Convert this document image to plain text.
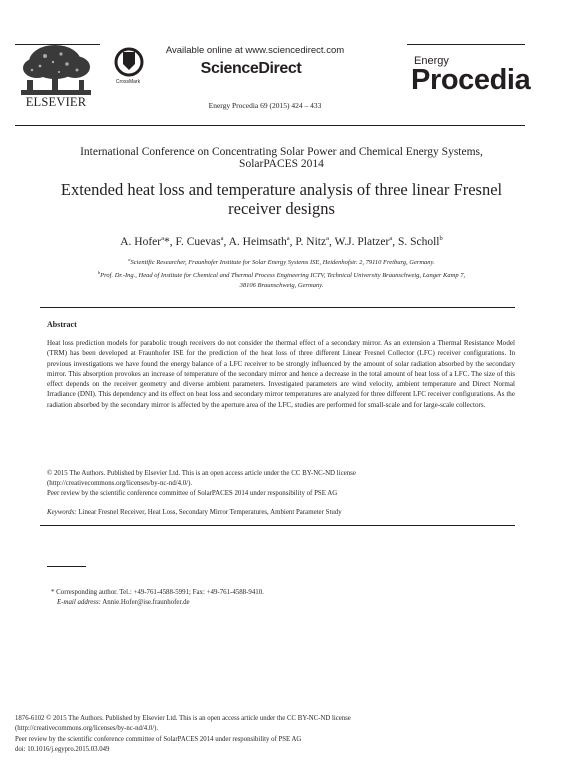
ELSEVIER
CrossMark
Available online at www.sciencedirect.com
ScienceDirect
Energy Procedia 69 (2015) 424 – 433
Energy
Procedia
International Conference on Concentrating Solar Power and Chemical Energy Systems,
SolarPACES 2014
Extended heat loss and temperature analysis of three linear Fresnel receiver designs
A. Hofer$^a$*, F. Cuevas$^a$, A. Heimsath$^a$, P. Nitz$^a$, W.J. Platzer$^a$, S. Scholl$^b$
$^a$Scientific Researcher, Fraunhofer Institute for Solar Energy Systems ISE, Heidenhofstr. 2, 79110 Freiburg, Germany.
$^b$Prof. Dr.-Ing., Head of Institute for Chemical and Thermal Process Engineering ICTV, Technical University Braunschweig, Langer Kamp 7,
38106 Braunschweig, Germany.
Abstract
Heat loss prediction models for parabolic trough receivers do not consider the thermal effect of a secondary mirror. As an extension a Thermal Resistance Model (TRM) has been developed at Fraunhofer ISE for the prediction of the heat loss of three different Linear Fresnel Collector (LFC) receiver configurations. In previous investigations we have found the energy balance of a LFC receiver to be strongly influenced by the amount of solar radiation absorbed by the secondary mirror. This absorption provokes an increase of temperature of the secondary mirror and hence a decrease in the total amount of heat loss of a LFC. The size of this effect depends on the receiver geometry and diverse ambient parameters. Investigated parameters are wind velocity, ambient temperature and Direct Normal Irradiance (DNI). This dependency and its effect on heat loss and secondary mirror temperatures are analyzed for three different LFC receiver configurations. As the radiation absorbed by the secondary mirror is affected by the aperture area of the LFC, studies are performed for small-scale and for large-scale collectors.
© 2015 The Authors. Published by Elsevier Ltd. This is an open access article under the CC BY-NC-ND license
(http://creativecommons.org/licenses/by-nc-nd/4.0/).
Peer review by the scientific conference committee of SolarPACES 2014 under responsibility of PSE AG
Keywords: Linear Fresnel Receiver, Heat Loss, Secondary Mirror Temperatures, Ambient Parameter Study
* Corresponding author. Tel.: +49-761-4588-5991; Fax: +49-761-4588-9410.
E-mail address: Annie.Hofer@ise.fraunhofer.de
1876-6102 © 2015 The Authors. Published by Elsevier Ltd. This is an open access article under the CC BY-NC-ND license
(http://creativecommons.org/licenses/by-nc-nd/4.0/).
Peer review by the scientific conference committee of SolarPACES 2014 under responsibility of PSE AG
doi: 10.1016/j.egypro.2015.03.049
